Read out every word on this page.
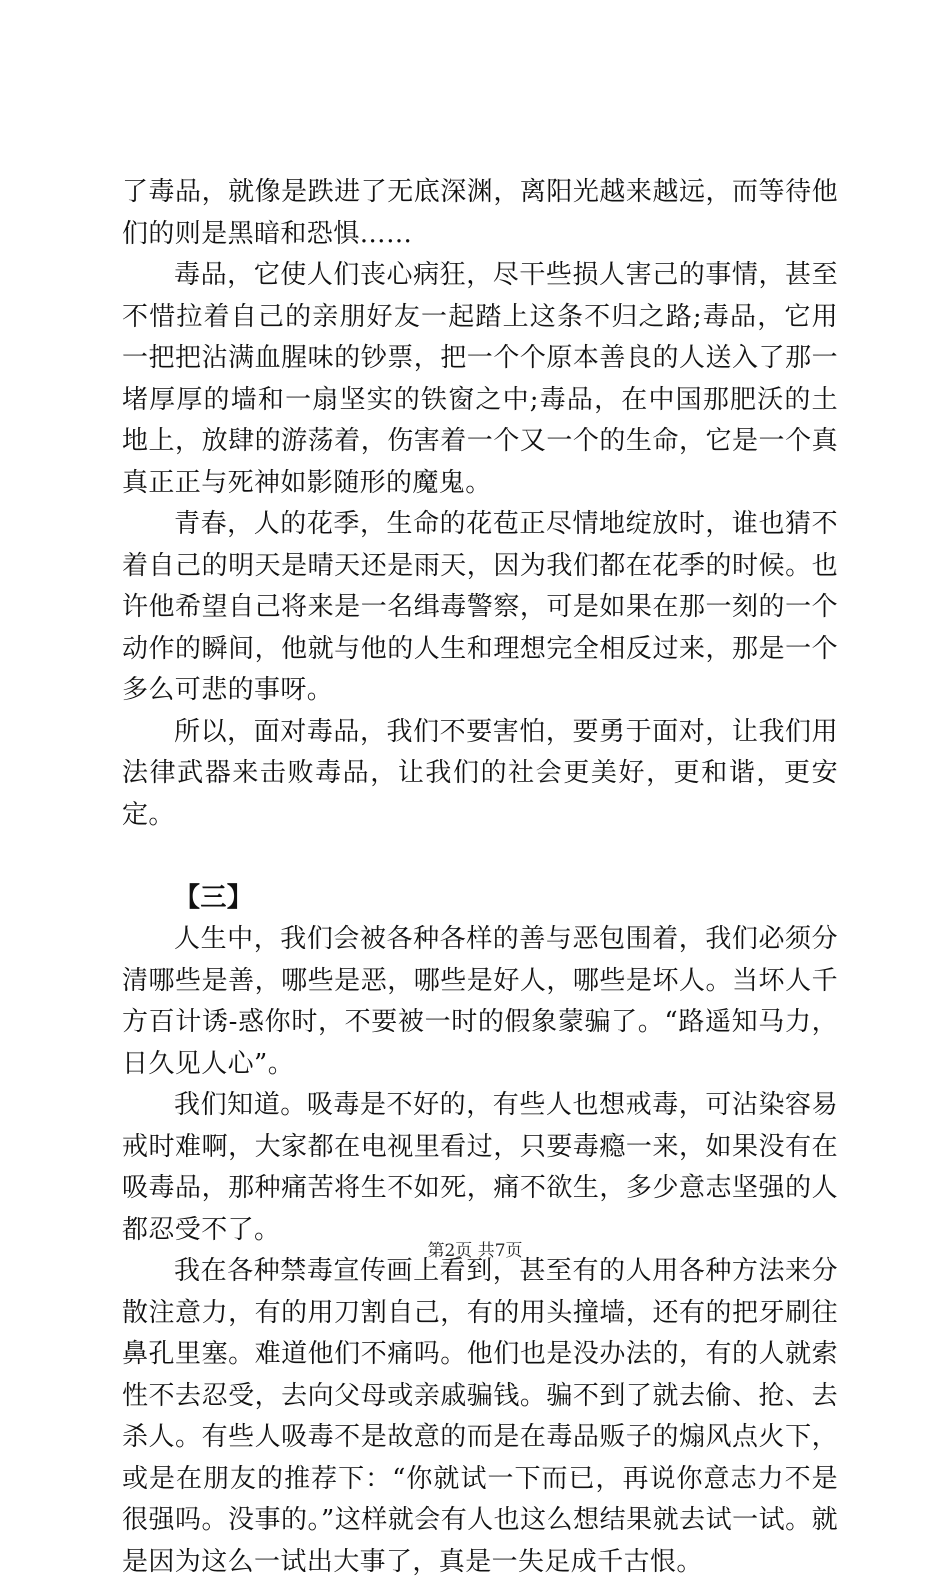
了毒品，就像是跌进了无底深渊，离阳光越来越远，而等待他们的则是黑暗和恐惧……

毒品，它使人们丧心病狂，尽干些损人害己的事情，甚至不惜拉着自己的亲朋好友一起踏上这条不归之路;毒品，它用一把把沾满血腥味的钞票，把一个个原本善良的人送入了那一堵厚厚的墙和一扇坚实的铁窗之中;毒品，在中国那肥沃的土地上，放肆的游荡着，伤害着一个又一个的生命，它是一个真真正正与死神如影随形的魔鬼。

青春，人的花季，生命的花苞正尽情地绽放时，谁也猜不着自己的明天是晴天还是雨天，因为我们都在花季的时候。也许他希望自己将来是一名缉毒警察，可是如果在那一刻的一个动作的瞬间，他就与他的人生和理想完全相反过来，那是一个多么可悲的事呀。

所以，面对毒品，我们不要害怕，要勇于面对，让我们用法律武器来击败毒品，让我们的社会更美好，更和谐，更安定。

【三】

人生中，我们会被各种各样的善与恶包围着，我们必须分清哪些是善，哪些是恶，哪些是好人，哪些是坏人。当坏人千方百计诱-惑你时，不要被一时的假象蒙骗了。“路遥知马力，日久见人心”。

我们知道。吸毒是不好的，有些人也想戒毒，可沾染容易戒时难啊，大家都在电视里看过，只要毒瘾一来，如果没有在吸毒品，那种痛苦将生不如死，痛不欲生，多少意志坚强的人都忍受不了。

我在各种禁毒宣传画上看到，甚至有的人用各种方法来分散注意力，有的用刀割自己，有的用头撞墙，还有的把牙刷往鼻孔里塞。难道他们不痛吗。他们也是没办法的，有的人就索性不去忍受，去向父母或亲戚骗钱。骗不到了就去偷、抢、去杀人。有些人吸毒不是故意的而是在毒品贩子的煽风点火下，或是在朋友的推荐下：“你就试一下而已，再说你意志力不是很强吗。没事的。”这样就会有人也这么想结果就去试一试。就是因为这么一试出大事了，真是一失足成千古恨。

第2页 共7页
